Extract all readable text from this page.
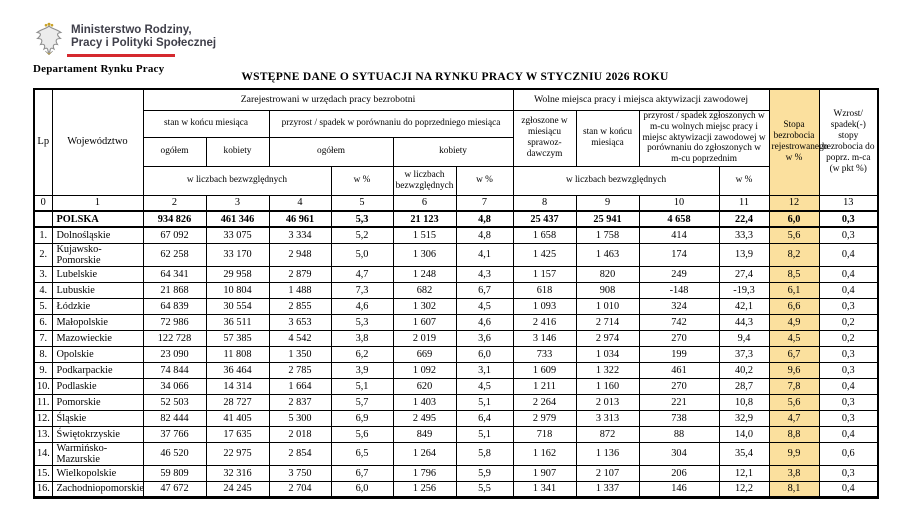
Ministerstwo Rodziny,
Pracy i Polityki Społecznej
Departament Rynku Pracy
WSTĘPNE DANE O SYTUACJI NA RYNKU PRACY W STYCZNIU 2026 ROKU
Lp	Województwo	Zarejestrowani w urzędach pracy bezrobotni						Wolne miejsca pracy i miejsca aktywizacji zawodowej				Stopa bezrobocia rejestrowanego w %	Wzrost/ spadek(-) stopy bezrobocia do poprz. m-ca (w pkt %)
		stan w końcu miesiąca		przyrost / spadek w porównaniu do poprzedniego miesiąca				zgłoszone w miesiącu sprawoz- dawczym	stan w końcu miesiąca	przyrost / spadek zgłoszonych w m-cu wolnych miejsc pracy i miejsc aktywizacji zawodowej w porównaniu do zgłoszonych w m-cu poprzednim			
		ogółem	kobiety	ogółem		kobiety							
		w liczbach bezwzględnych			w %	w liczbach bezwzględnych	w %	w liczbach bezwzględnych			w %		
0	1	2	3	4	5	6	7	8	9	10	11	12	13
	POLSKA	934 826	461 346	46 961	5,3	21 123	4,8	25 437	25 941	4 658	22,4	6,0	0,3
1.	Dolnośląskie	67 092	33 075	3 334	5,2	1 515	4,8	1 658	1 758	414	33,3	5,6	0,3
2.	Kujawsko-Pomorskie	62 258	33 170	2 948	5,0	1 306	4,1	1 425	1 463	174	13,9	8,2	0,4
3.	Lubelskie	64 341	29 958	2 879	4,7	1 248	4,3	1 157	820	249	27,4	8,5	0,4
4.	Lubuskie	21 868	10 804	1 488	7,3	682	6,7	618	908	-148	-19,3	6,1	0,4
5.	Łódzkie	64 839	30 554	2 855	4,6	1 302	4,5	1 093	1 010	324	42,1	6,6	0,3
6.	Małopolskie	72 986	36 511	3 653	5,3	1 607	4,6	2 416	2 714	742	44,3	4,9	0,2
7.	Mazowieckie	122 728	57 385	4 542	3,8	2 019	3,6	3 146	2 974	270	9,4	4,5	0,2
8.	Opolskie	23 090	11 808	1 350	6,2	669	6,0	733	1 034	199	37,3	6,7	0,3
9.	Podkarpackie	74 844	36 464	2 785	3,9	1 092	3,1	1 609	1 322	461	40,2	9,6	0,3
10.	Podlaskie	34 066	14 314	1 664	5,1	620	4,5	1 211	1 160	270	28,7	7,8	0,4
11.	Pomorskie	52 503	28 727	2 837	5,7	1 403	5,1	2 264	2 013	221	10,8	5,6	0,3
12.	Śląskie	82 444	41 405	5 300	6,9	2 495	6,4	2 979	3 313	738	32,9	4,7	0,3
13.	Świętokrzyskie	37 766	17 635	2 018	5,6	849	5,1	718	872	88	14,0	8,8	0,4
14.	Warmińsko-Mazurskie	46 520	22 975	2 854	6,5	1 264	5,8	1 162	1 136	304	35,4	9,9	0,6
15.	Wielkopolskie	59 809	32 316	3 750	6,7	1 796	5,9	1 907	2 107	206	12,1	3,8	0,3
16.	Zachodniopomorskie	47 672	24 245	2 704	6,0	1 256	5,5	1 341	1 337	146	12,2	8,1	0,4
